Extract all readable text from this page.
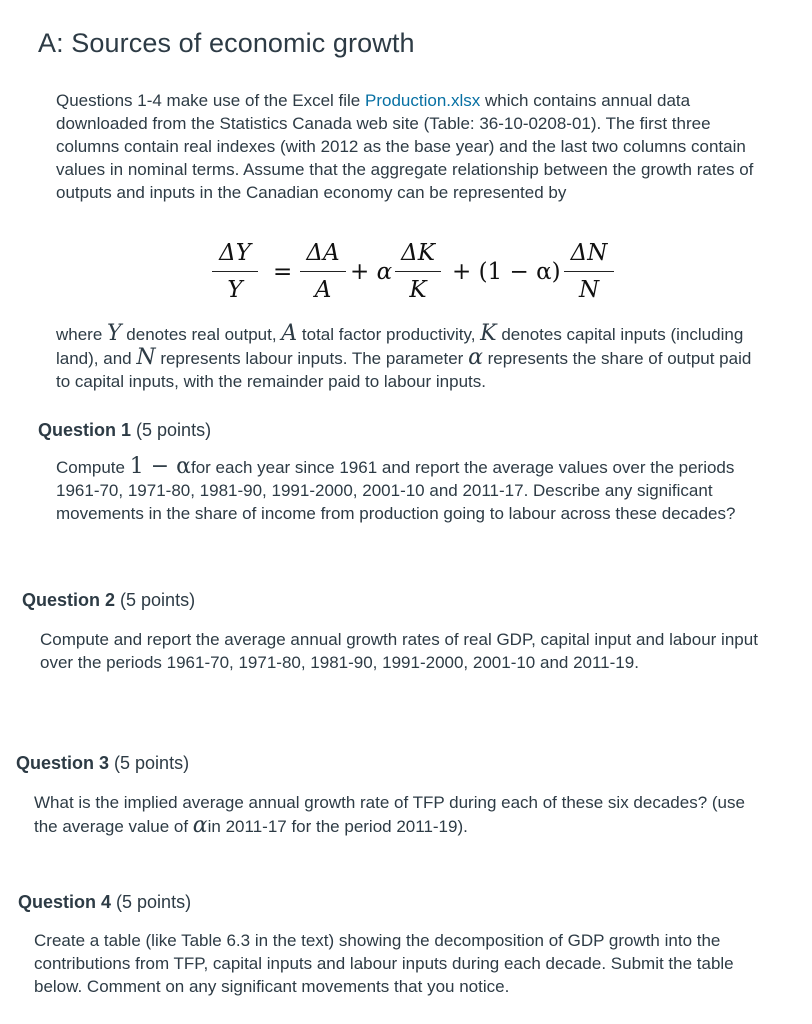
A: Sources of economic growth

Questions 1-4 make use of the Excel file Production.xlsx which contains annual data downloaded from the Statistics Canada web site (Table: 36-10-0208-01). The first three columns contain real indexes (with 2012 as the base year) and the last two columns contain values in nominal terms. Assume that the aggregate relationship between the growth rates of outputs and inputs in the Canadian economy can be represented by

ΔY
Y
=
ΔA
A
+ α
ΔK
K
+ (1 − α)
ΔN
N

where Y denotes real output, A total factor productivity, K denotes capital inputs (including land), and N represents labour inputs. The parameter α represents the share of output paid to capital inputs, with the remainder paid to labour inputs.

Question 1 (5 points)

Compute 1 − αfor each year since 1961 and report the average values over the periods 1961-70, 1971-80, 1981-90, 1991-2000, 2001-10 and 2011-17. Describe any significant movements in the share of income from production going to labour across these decades?

Question 2 (5 points)

Compute and report the average annual growth rates of real GDP, capital input and labour input over the periods 1961-70, 1971-80, 1981-90, 1991-2000, 2001-10 and 2011-19.

Question 3 (5 points)

What is the implied average annual growth rate of TFP during each of these six decades? (use the average value of αin 2011-17 for the period 2011-19).

Question 4 (5 points)

Create a table (like Table 6.3 in the text) showing the decomposition of GDP growth into the contributions from TFP, capital inputs and labour inputs during each decade. Submit the table below. Comment on any significant movements that you notice.
